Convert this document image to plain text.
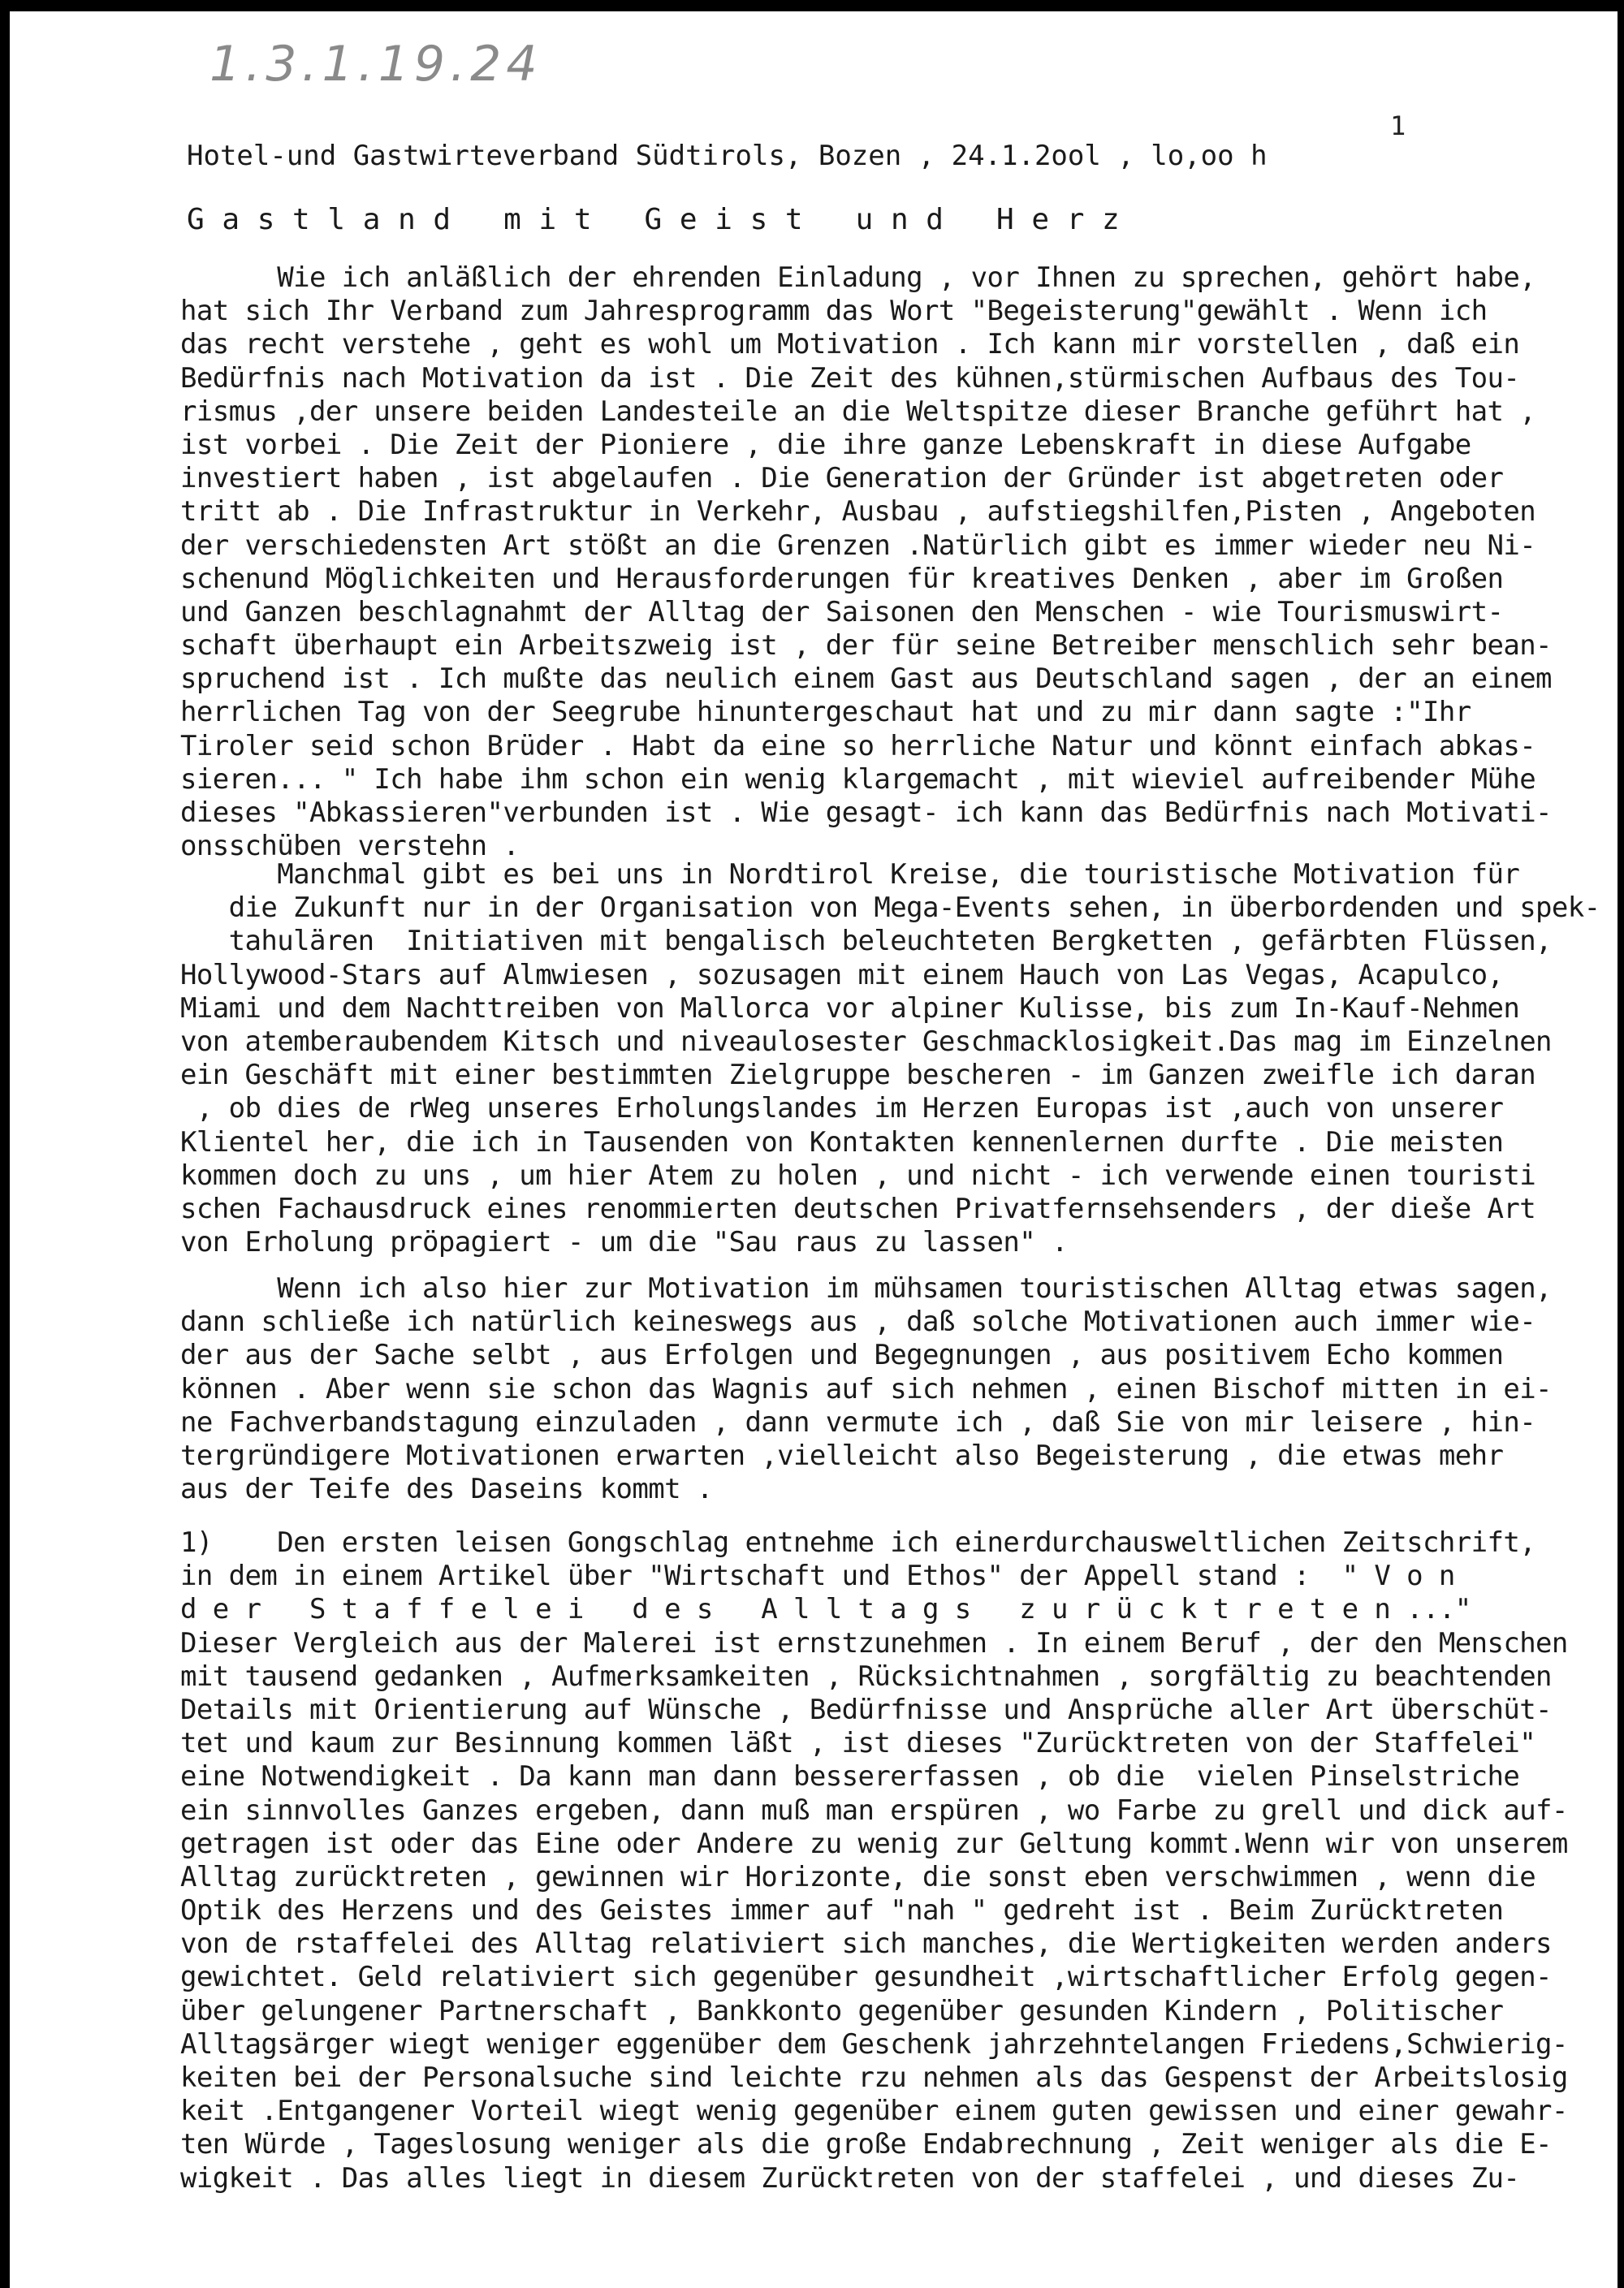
1.3.1.19.24
1
Hotel-und Gastwirteverband Südtirols, Bozen , 24.1.2ool , lo,oo h
G a s t l a n d   m i t   G e i s t   u n d   H e r z
Wie ich anläßlich der ehrenden Einladung , vor Ihnen zu sprechen, gehört habe,
hat sich Ihr Verband zum Jahresprogramm das Wort "Begeisterung"gewählt . Wenn ich
das recht verstehe , geht es wohl um Motivation . Ich kann mir vorstellen , daß ein
Bedürfnis nach Motivation da ist . Die Zeit des kühnen,stürmischen Aufbaus des Tou-
rismus ,der unsere beiden Landesteile an die Weltspitze dieser Branche geführt hat ,
ist vorbei . Die Zeit der Pioniere , die ihre ganze Lebenskraft in diese Aufgabe
investiert haben , ist abgelaufen . Die Generation der Gründer ist abgetreten oder
tritt ab . Die Infrastruktur in Verkehr, Ausbau , aufstiegshilfen,Pisten , Angeboten
der verschiedensten Art stößt an die Grenzen .Natürlich gibt es immer wieder neu Ni-
schenund Möglichkeiten und Herausforderungen für kreatives Denken , aber im Großen
und Ganzen beschlagnahmt der Alltag der Saisonen den Menschen - wie Tourismuswirt-
schaft überhaupt ein Arbeitszweig ist , der für seine Betreiber menschlich sehr bean-
spruchend ist . Ich mußte das neulich einem Gast aus Deutschland sagen , der an einem
herrlichen Tag von der Seegrube hinuntergeschaut hat und zu mir dann sagte :"Ihr
Tiroler seid schon Brüder . Habt da eine so herrliche Natur und könnt einfach abkas-
sieren... " Ich habe ihm schon ein wenig klargemacht , mit wieviel aufreibender Mühe
dieses "Abkassieren"verbunden ist . Wie gesagt- ich kann das Bedürfnis nach Motivati-
onsschüben verstehn .
Manchmal gibt es bei uns in Nordtirol Kreise, die touristische Motivation für
die Zukunft nur in der Organisation von Mega-Events sehen, in überbordenden und spek-
tahulären  Initiativen mit bengalisch beleuchteten Bergketten , gefärbten Flüssen,
Hollywood-Stars auf Almwiesen , sozusagen mit einem Hauch von Las Vegas, Acapulco,
Miami und dem Nachttreiben von Mallorca vor alpiner Kulisse, bis zum In-Kauf-Nehmen
von atemberaubendem Kitsch und niveaulosester Geschmacklosigkeit.Das mag im Einzelnen
ein Geschäft mit einer bestimmten Zielgruppe bescheren - im Ganzen zweifle ich daran
, ob dies de rWeg unseres Erholungslandes im Herzen Europas ist ,auch von unserer
Klientel her, die ich in Tausenden von Kontakten kennenlernen durfte . Die meisten
kommen doch zu uns , um hier Atem zu holen , und nicht - ich verwende einen touristi
schen Fachausdruck eines renommierten deutschen Privatfernsehsenders , der dieše Art
von Erholung pröpagiert - um die "Sau raus zu lassen" .
Wenn ich also hier zur Motivation im mühsamen touristischen Alltag etwas sagen,
dann schließe ich natürlich keineswegs aus , daß solche Motivationen auch immer wie-
der aus der Sache selbt , aus Erfolgen und Begegnungen , aus positivem Echo kommen
können . Aber wenn sie schon das Wagnis auf sich nehmen , einen Bischof mitten in ei-
ne Fachverbandstagung einzuladen , dann vermute ich , daß Sie von mir leisere , hin-
tergründigere Motivationen erwarten ,vielleicht also Begeisterung , die etwas mehr
aus der Teife des Daseins kommt .
1)    Den ersten leisen Gongschlag entnehme ich einerdurchausweltlichen Zeitschrift,
in dem in einem Artikel über "Wirtschaft und Ethos" der Appell stand :  " V o n
d e r   S t a f f e l e i   d e s   A l l t a g s   z u r ü c k t r e t e n ..."
Dieser Vergleich aus der Malerei ist ernstzunehmen . In einem Beruf , der den Menschen
mit tausend gedanken , Aufmerksamkeiten , Rücksichtnahmen , sorgfältig zu beachtenden
Details mit Orientierung auf Wünsche , Bedürfnisse und Ansprüche aller Art überschüt-
tet und kaum zur Besinnung kommen läßt , ist dieses "Zurücktreten von der Staffelei"
eine Notwendigkeit . Da kann man dann bessererfassen , ob die  vielen Pinselstriche
ein sinnvolles Ganzes ergeben, dann muß man erspüren , wo Farbe zu grell und dick auf-
getragen ist oder das Eine oder Andere zu wenig zur Geltung kommt.Wenn wir von unserem
Alltag zurücktreten , gewinnen wir Horizonte, die sonst eben verschwimmen , wenn die
Optik des Herzens und des Geistes immer auf "nah " gedreht ist . Beim Zurücktreten
von de rstaffelei des Alltag relativiert sich manches, die Wertigkeiten werden anders
gewichtet. Geld relativiert sich gegenüber gesundheit ,wirtschaftlicher Erfolg gegen-
über gelungener Partnerschaft , Bankkonto gegenüber gesunden Kindern , Politischer
Alltagsärger wiegt weniger eggenüber dem Geschenk jahrzehntelangen Friedens,Schwierig-
keiten bei der Personalsuche sind leichte rzu nehmen als das Gespenst der Arbeitslosig
keit .Entgangener Vorteil wiegt wenig gegenüber einem guten gewissen und einer gewahr-
ten Würde , Tageslosung weniger als die große Endabrechnung , Zeit weniger als die E-
wigkeit . Das alles liegt in diesem Zurücktreten von der staffelei , und dieses Zu-
